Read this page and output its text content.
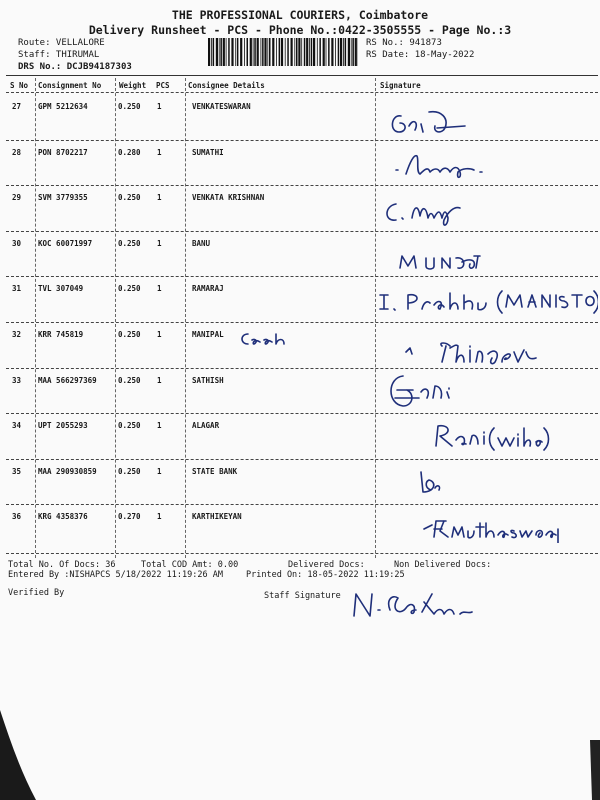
THE PROFESSIONAL COURIERS, Coimbatore
Delivery Runsheet - PCS - Phone No.:0422-3505555 - Page No.:3
Route: VELLALORE
Staff: THIRUMAL
DRS No.: DCJB94187303
RS No.: 941873
RS Date: 18-May-2022
S No Consignment No Weight PCS Consignee Details	Signature
27 GPM 5212634	0.250 1	VENKATESWARAN
28 PON 8702217	0.280 1	SUMATHI
29 SVM 3779355	0.250 1	VENKATA KRISHNAN
30 KOC 60071997	0.250 1	BANU
31 TVL 307049	0.250 1	RAMARAJ
32 KRR 745819	0.250 1	MANIPAL
33 MAA 566297369	0.250 1	SATHISH
34 UPT 2055293	0.250 1	ALAGAR
35 MAA 290930859	0.250 1	STATE BANK
36 KRG 4358376	0.270 1	KARTHIKEYAN
Total No. Of Docs: 36	Total COD Amt: 0.00	Delivered Docs:	Non Delivered Docs:
Entered By :NISHAPCS 5/18/2022 11:19:26 AM	Printed On: 18-05-2022 11:19:25
Verified By	Staff Signature
